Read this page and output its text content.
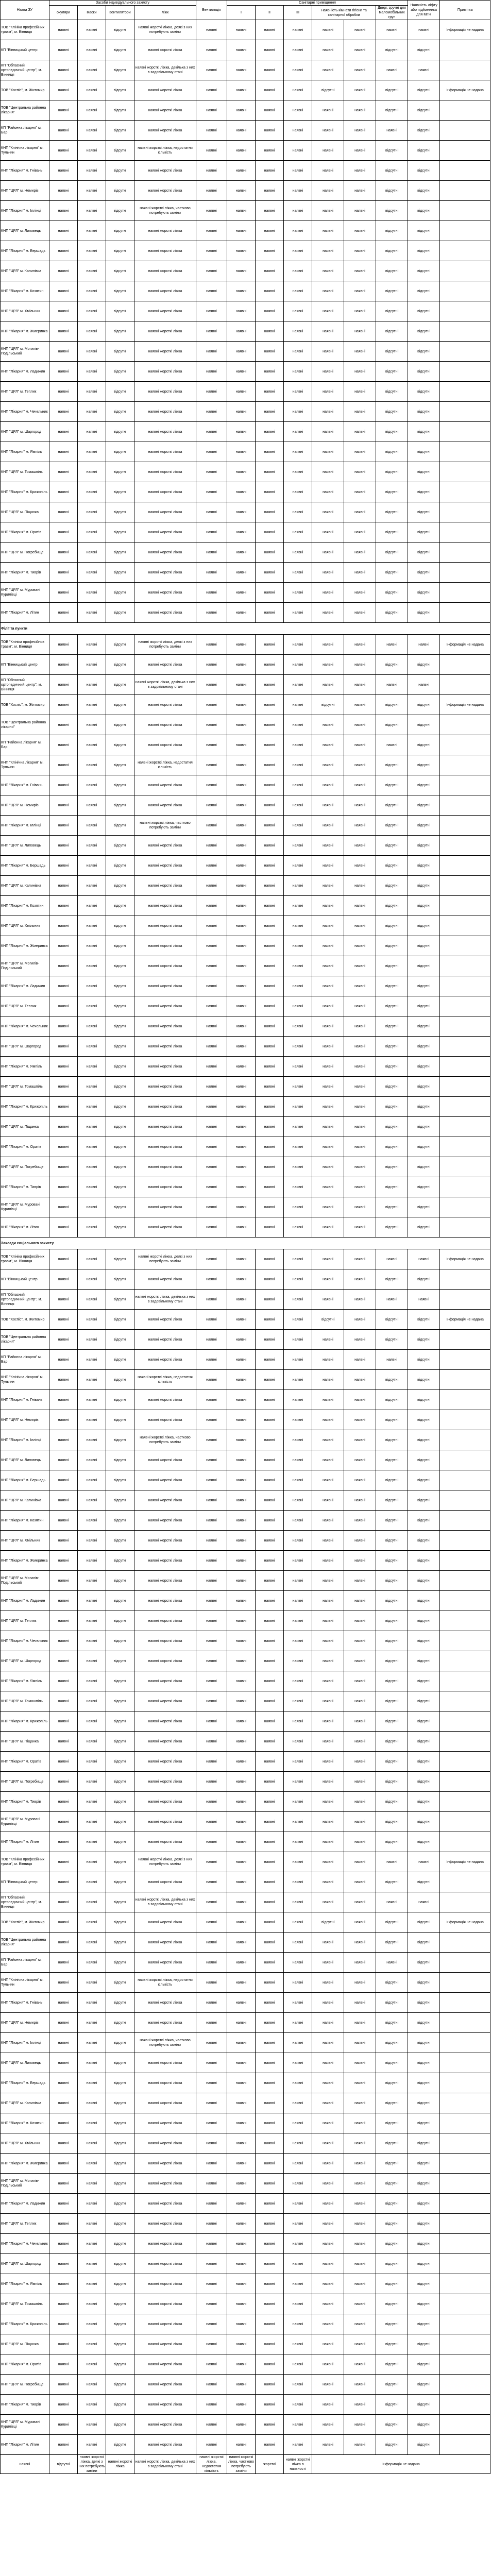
Назва ЗУ	Засоби індивідуального захисту				Вентиляція	Санітарні приміщення						Наявність ліфту або підйомника для МГН	Примітка
	окуляри	маски	вентилятори	ліжк		І	ІІ	ІІІ	Наявність кімнати гігієни та санітарної обробки		Двері, зручні для маломобільних груп		
ТОВ "Клініка професійних травм", м. Вінниця	наявні	наявні	відсутні	наявні жорсткі ліжка, деякі з них потребують заміни	наявні	наявні	наявні	наявні	наявні	наявні	наявні	наявні	Інформація не надана
КП "Вінницький центр	наявні	наявні	відсутні	наявні жорсткі ліжка	наявні	наявні	наявні	наявні	наявні	наявні	відсутні	відсутні	
КП "Обласний ортопедичний центр", м. Вінниця	наявні	наявні	відсутні	наявні жорсткі ліжка, декілька з них в задовільному стані	наявні	наявні	наявні	наявні	наявні	наявні	наявні	наявні	
ТОВ "Хоспіс", м. Житомир	наявні	наявні	відсутні	наявні жорсткі ліжка	наявні	наявні	наявні	наявні	відсутні	наявні	відсутні	відсутні	Інформація не надана
ТОВ "Центральна районна лікарня"	наявні	наявні	відсутні	наявні жорсткі ліжка	наявні	наявні	наявні	наявні	наявні	наявні	відсутні	відсутні	
КП "Районна лікарня" м. Бар	наявні	наявні	відсутні	наявні жорсткі ліжка	наявні	наявні	наявні	наявні	наявні	наявні	наявні	відсутні	
КНП "Клінічна лікарня" м. Тульчин	наявні	наявні	відсутні	наявні жорсткі ліжка, недостатня кількість	наявні	наявні	наявні	наявні	наявні	наявні	відсутні	відсутні	
КНП "Лікарня" м. Гнівань	наявні	наявні	відсутні	наявні жорсткі ліжка	наявні	наявні	наявні	наявні	наявні	наявні	відсутні	відсутні	
КНП "ЦРЛ" м. Немирів	наявні	наявні	відсутні	наявні жорсткі ліжка	наявні	наявні	наявні	наявні	наявні	наявні	відсутні	відсутні	
КНП "Лікарня" м. Іллінці	наявні	наявні	відсутні	наявні жорсткі ліжка, частково потребують заміни	наявні	наявні	наявні	наявні	наявні	наявні	відсутні	відсутні	
КНП "ЦРЛ" м. Липовець	наявні	наявні	відсутні	наявні жорсткі ліжка	наявні	наявні	наявні	наявні	наявні	наявні	відсутні	відсутні	
КНП "Лікарня" м. Бершадь	наявні	наявні	відсутні	наявні жорсткі ліжка	наявні	наявні	наявні	наявні	наявні	наявні	відсутні	відсутні	
КНП "ЦРЛ" м. Калинівка	наявні	наявні	відсутні	наявні жорсткі ліжка	наявні	наявні	наявні	наявні	наявні	наявні	відсутні	відсутні	
КНП "Лікарня" м. Козятин	наявні	наявні	відсутні	наявні жорсткі ліжка	наявні	наявні	наявні	наявні	наявні	наявні	відсутні	відсутні	
КНП "ЦРЛ" м. Хмільник	наявні	наявні	відсутні	наявні жорсткі ліжка	наявні	наявні	наявні	наявні	наявні	наявні	відсутні	відсутні	
КНП "Лікарня" м. Жмеринка	наявні	наявні	відсутні	наявні жорсткі ліжка	наявні	наявні	наявні	наявні	наявні	наявні	відсутні	відсутні	
КНП "ЦРЛ" м. Могилів-Подільський	наявні	наявні	відсутні	наявні жорсткі ліжка	наявні	наявні	наявні	наявні	наявні	наявні	відсутні	відсутні	
КНП "Лікарня" м. Ладижин	наявні	наявні	відсутні	наявні жорсткі ліжка	наявні	наявні	наявні	наявні	наявні	наявні	відсутні	відсутні	
КНП "ЦРЛ" м. Теплик	наявні	наявні	відсутні	наявні жорсткі ліжка	наявні	наявні	наявні	наявні	наявні	наявні	відсутні	відсутні	
КНП "Лікарня" м. Чечельник	наявні	наявні	відсутні	наявні жорсткі ліжка	наявні	наявні	наявні	наявні	наявні	наявні	відсутні	відсутні	
КНП "ЦРЛ" м. Шаргород	наявні	наявні	відсутні	наявні жорсткі ліжка	наявні	наявні	наявні	наявні	наявні	наявні	відсутні	відсутні	
КНП "Лікарня" м. Ямпіль	наявні	наявні	відсутні	наявні жорсткі ліжка	наявні	наявні	наявні	наявні	наявні	наявні	відсутні	відсутні	
КНП "ЦРЛ" м. Томашпіль	наявні	наявні	відсутні	наявні жорсткі ліжка	наявні	наявні	наявні	наявні	наявні	наявні	відсутні	відсутні	
КНП "Лікарня" м. Крижопіль	наявні	наявні	відсутні	наявні жорсткі ліжка	наявні	наявні	наявні	наявні	наявні	наявні	відсутні	відсутні	
КНП "ЦРЛ" м. Піщанка	наявні	наявні	відсутні	наявні жорсткі ліжка	наявні	наявні	наявні	наявні	наявні	наявні	відсутні	відсутні	
КНП "Лікарня" м. Оратів	наявні	наявні	відсутні	наявні жорсткі ліжка	наявні	наявні	наявні	наявні	наявні	наявні	відсутні	відсутні	
КНП "ЦРЛ" м. Погребище	наявні	наявні	відсутні	наявні жорсткі ліжка	наявні	наявні	наявні	наявні	наявні	наявні	відсутні	відсутні	
КНП "Лікарня" м. Тиврів	наявні	наявні	відсутні	наявні жорсткі ліжка	наявні	наявні	наявні	наявні	наявні	наявні	відсутні	відсутні	
КНП "ЦРЛ" м. Мурованi Курилівці	наявні	наявні	відсутні	наявні жорсткі ліжка	наявні	наявні	наявні	наявні	наявні	наявні	відсутні	відсутні	
КНП "Лікарня" м. Літин	наявні	наявні	відсутні	наявні жорсткі ліжка	наявні	наявні	наявні	наявні	наявні	наявні	відсутні	відсутні	
Філії та пункти													
ТОВ "Клініка професійних травм", м. Вінниця	наявні	наявні	відсутні	наявні жорсткі ліжка, деякі з них потребують заміни	наявні	наявні	наявні	наявні	наявні	наявні	наявні	наявні	Інформація не надана
КП "Вінницький центр	наявні	наявні	відсутні	наявні жорсткі ліжка	наявні	наявні	наявні	наявні	наявні	наявні	відсутні	відсутні	
КП "Обласний ортопедичний центр", м. Вінниця	наявні	наявні	відсутні	наявні жорсткі ліжка, декілька з них в задовільному стані	наявні	наявні	наявні	наявні	наявні	наявні	наявні	наявні	
ТОВ "Хоспіс", м. Житомир	наявні	наявні	відсутні	наявні жорсткі ліжка	наявні	наявні	наявні	наявні	відсутні	наявні	відсутні	відсутні	Інформація не надана
ТОВ "Центральна районна лікарня"	наявні	наявні	відсутні	наявні жорсткі ліжка	наявні	наявні	наявні	наявні	наявні	наявні	відсутні	відсутні	
КП "Районна лікарня" м. Бар	наявні	наявні	відсутні	наявні жорсткі ліжка	наявні	наявні	наявні	наявні	наявні	наявні	наявні	відсутні	
КНП "Клінічна лікарня" м. Тульчин	наявні	наявні	відсутні	наявні жорсткі ліжка, недостатня кількість	наявні	наявні	наявні	наявні	наявні	наявні	відсутні	відсутні	
КНП "Лікарня" м. Гнівань	наявні	наявні	відсутні	наявні жорсткі ліжка	наявні	наявні	наявні	наявні	наявні	наявні	відсутні	відсутні	
КНП "ЦРЛ" м. Немирів	наявні	наявні	відсутні	наявні жорсткі ліжка	наявні	наявні	наявні	наявні	наявні	наявні	відсутні	відсутні	
КНП "Лікарня" м. Іллінці	наявні	наявні	відсутні	наявні жорсткі ліжка, частково потребують заміни	наявні	наявні	наявні	наявні	наявні	наявні	відсутні	відсутні	
КНП "ЦРЛ" м. Липовець	наявні	наявні	відсутні	наявні жорсткі ліжка	наявні	наявні	наявні	наявні	наявні	наявні	відсутні	відсутні	
КНП "Лікарня" м. Бершадь	наявні	наявні	відсутні	наявні жорсткі ліжка	наявні	наявні	наявні	наявні	наявні	наявні	відсутні	відсутні	
КНП "ЦРЛ" м. Калинівка	наявні	наявні	відсутні	наявні жорсткі ліжка	наявні	наявні	наявні	наявні	наявні	наявні	відсутні	відсутні	
КНП "Лікарня" м. Козятин	наявні	наявні	відсутні	наявні жорсткі ліжка	наявні	наявні	наявні	наявні	наявні	наявні	відсутні	відсутні	
КНП "ЦРЛ" м. Хмільник	наявні	наявні	відсутні	наявні жорсткі ліжка	наявні	наявні	наявні	наявні	наявні	наявні	відсутні	відсутні	
КНП "Лікарня" м. Жмеринка	наявні	наявні	відсутні	наявні жорсткі ліжка	наявні	наявні	наявні	наявні	наявні	наявні	відсутні	відсутні	
КНП "ЦРЛ" м. Могилів-Подільський	наявні	наявні	відсутні	наявні жорсткі ліжка	наявні	наявні	наявні	наявні	наявні	наявні	відсутні	відсутні	
КНП "Лікарня" м. Ладижин	наявні	наявні	відсутні	наявні жорсткі ліжка	наявні	наявні	наявні	наявні	наявні	наявні	відсутні	відсутні	
КНП "ЦРЛ" м. Теплик	наявні	наявні	відсутні	наявні жорсткі ліжка	наявні	наявні	наявні	наявні	наявні	наявні	відсутні	відсутні	
КНП "Лікарня" м. Чечельник	наявні	наявні	відсутні	наявні жорсткі ліжка	наявні	наявні	наявні	наявні	наявні	наявні	відсутні	відсутні	
КНП "ЦРЛ" м. Шаргород	наявні	наявні	відсутні	наявні жорсткі ліжка	наявні	наявні	наявні	наявні	наявні	наявні	відсутні	відсутні	
КНП "Лікарня" м. Ямпіль	наявні	наявні	відсутні	наявні жорсткі ліжка	наявні	наявні	наявні	наявні	наявні	наявні	відсутні	відсутні	
КНП "ЦРЛ" м. Томашпіль	наявні	наявні	відсутні	наявні жорсткі ліжка	наявні	наявні	наявні	наявні	наявні	наявні	відсутні	відсутні	
КНП "Лікарня" м. Крижопіль	наявні	наявні	відсутні	наявні жорсткі ліжка	наявні	наявні	наявні	наявні	наявні	наявні	відсутні	відсутні	
КНП "ЦРЛ" м. Піщанка	наявні	наявні	відсутні	наявні жорсткі ліжка	наявні	наявні	наявні	наявні	наявні	наявні	відсутні	відсутні	
КНП "Лікарня" м. Оратів	наявні	наявні	відсутні	наявні жорсткі ліжка	наявні	наявні	наявні	наявні	наявні	наявні	відсутні	відсутні	
КНП "ЦРЛ" м. Погребище	наявні	наявні	відсутні	наявні жорсткі ліжка	наявні	наявні	наявні	наявні	наявні	наявні	відсутні	відсутні	
КНП "Лікарня" м. Тиврів	наявні	наявні	відсутні	наявні жорсткі ліжка	наявні	наявні	наявні	наявні	наявні	наявні	відсутні	відсутні	
КНП "ЦРЛ" м. Мурованi Курилівці	наявні	наявні	відсутні	наявні жорсткі ліжка	наявні	наявні	наявні	наявні	наявні	наявні	відсутні	відсутні	
КНП "Лікарня" м. Літин	наявні	наявні	відсутні	наявні жорсткі ліжка	наявні	наявні	наявні	наявні	наявні	наявні	відсутні	відсутні	
Заклади соціального захисту													
ТОВ "Клініка професійних травм", м. Вінниця	наявні	наявні	відсутні	наявні жорсткі ліжка, деякі з них потребують заміни	наявні	наявні	наявні	наявні	наявні	наявні	наявні	наявні	Інформація не надана
КП "Вінницький центр	наявні	наявні	відсутні	наявні жорсткі ліжка	наявні	наявні	наявні	наявні	наявні	наявні	відсутні	відсутні	
КП "Обласний ортопедичний центр", м. Вінниця	наявні	наявні	відсутні	наявні жорсткі ліжка, декілька з них в задовільному стані	наявні	наявні	наявні	наявні	наявні	наявні	наявні	наявні	
ТОВ "Хоспіс", м. Житомир	наявні	наявні	відсутні	наявні жорсткі ліжка	наявні	наявні	наявні	наявні	відсутні	наявні	відсутні	відсутні	Інформація не надана
ТОВ "Центральна районна лікарня"	наявні	наявні	відсутні	наявні жорсткі ліжка	наявні	наявні	наявні	наявні	наявні	наявні	відсутні	відсутні	
КП "Районна лікарня" м. Бар	наявні	наявні	відсутні	наявні жорсткі ліжка	наявні	наявні	наявні	наявні	наявні	наявні	наявні	відсутні	
КНП "Клінічна лікарня" м. Тульчин	наявні	наявні	відсутні	наявні жорсткі ліжка, недостатня кількість	наявні	наявні	наявні	наявні	наявні	наявні	відсутні	відсутні	
КНП "Лікарня" м. Гнівань	наявні	наявні	відсутні	наявні жорсткі ліжка	наявні	наявні	наявні	наявні	наявні	наявні	відсутні	відсутні	
КНП "ЦРЛ" м. Немирів	наявні	наявні	відсутні	наявні жорсткі ліжка	наявні	наявні	наявні	наявні	наявні	наявні	відсутні	відсутні	
КНП "Лікарня" м. Іллінці	наявні	наявні	відсутні	наявні жорсткі ліжка, частково потребують заміни	наявні	наявні	наявні	наявні	наявні	наявні	відсутні	відсутні	
КНП "ЦРЛ" м. Липовець	наявні	наявні	відсутні	наявні жорсткі ліжка	наявні	наявні	наявні	наявні	наявні	наявні	відсутні	відсутні	
КНП "Лікарня" м. Бершадь	наявні	наявні	відсутні	наявні жорсткі ліжка	наявні	наявні	наявні	наявні	наявні	наявні	відсутні	відсутні	
КНП "ЦРЛ" м. Калинівка	наявні	наявні	відсутні	наявні жорсткі ліжка	наявні	наявні	наявні	наявні	наявні	наявні	відсутні	відсутні	
КНП "Лікарня" м. Козятин	наявні	наявні	відсутні	наявні жорсткі ліжка	наявні	наявні	наявні	наявні	наявні	наявні	відсутні	відсутні	
КНП "ЦРЛ" м. Хмільник	наявні	наявні	відсутні	наявні жорсткі ліжка	наявні	наявні	наявні	наявні	наявні	наявні	відсутні	відсутні	
КНП "Лікарня" м. Жмеринка	наявні	наявні	відсутні	наявні жорсткі ліжка	наявні	наявні	наявні	наявні	наявні	наявні	відсутні	відсутні	
КНП "ЦРЛ" м. Могилів-Подільський	наявні	наявні	відсутні	наявні жорсткі ліжка	наявні	наявні	наявні	наявні	наявні	наявні	відсутні	відсутні	
КНП "Лікарня" м. Ладижин	наявні	наявні	відсутні	наявні жорсткі ліжка	наявні	наявні	наявні	наявні	наявні	наявні	відсутні	відсутні	
КНП "ЦРЛ" м. Теплик	наявні	наявні	відсутні	наявні жорсткі ліжка	наявні	наявні	наявні	наявні	наявні	наявні	відсутні	відсутні	
КНП "Лікарня" м. Чечельник	наявні	наявні	відсутні	наявні жорсткі ліжка	наявні	наявні	наявні	наявні	наявні	наявні	відсутні	відсутні	
КНП "ЦРЛ" м. Шаргород	наявні	наявні	відсутні	наявні жорсткі ліжка	наявні	наявні	наявні	наявні	наявні	наявні	відсутні	відсутні	
КНП "Лікарня" м. Ямпіль	наявні	наявні	відсутні	наявні жорсткі ліжка	наявні	наявні	наявні	наявні	наявні	наявні	відсутні	відсутні	
КНП "ЦРЛ" м. Томашпіль	наявні	наявні	відсутні	наявні жорсткі ліжка	наявні	наявні	наявні	наявні	наявні	наявні	відсутні	відсутні	
КНП "Лікарня" м. Крижопіль	наявні	наявні	відсутні	наявні жорсткі ліжка	наявні	наявні	наявні	наявні	наявні	наявні	відсутні	відсутні	
КНП "ЦРЛ" м. Піщанка	наявні	наявні	відсутні	наявні жорсткі ліжка	наявні	наявні	наявні	наявні	наявні	наявні	відсутні	відсутні	
КНП "Лікарня" м. Оратів	наявні	наявні	відсутні	наявні жорсткі ліжка	наявні	наявні	наявні	наявні	наявні	наявні	відсутні	відсутні	
КНП "ЦРЛ" м. Погребище	наявні	наявні	відсутні	наявні жорсткі ліжка	наявні	наявні	наявні	наявні	наявні	наявні	відсутні	відсутні	
КНП "Лікарня" м. Тиврів	наявні	наявні	відсутні	наявні жорсткі ліжка	наявні	наявні	наявні	наявні	наявні	наявні	відсутні	відсутні	
КНП "ЦРЛ" м. Мурованi Курилівці	наявні	наявні	відсутні	наявні жорсткі ліжка	наявні	наявні	наявні	наявні	наявні	наявні	відсутні	відсутні	
КНП "Лікарня" м. Літин	наявні	наявні	відсутні	наявні жорсткі ліжка	наявні	наявні	наявні	наявні	наявні	наявні	відсутні	відсутні	
ТОВ "Клініка професійних травм", м. Вінниця	наявні	наявні	відсутні	наявні жорсткі ліжка, деякі з них потребують заміни	наявні	наявні	наявні	наявні	наявні	наявні	наявні	наявні	Інформація не надана
КП "Вінницький центр	наявні	наявні	відсутні	наявні жорсткі ліжка	наявні	наявні	наявні	наявні	наявні	наявні	відсутні	відсутні	
КП "Обласний ортопедичний центр", м. Вінниця	наявні	наявні	відсутні	наявні жорсткі ліжка, декілька з них в задовільному стані	наявні	наявні	наявні	наявні	наявні	наявні	наявні	наявні	
ТОВ "Хоспіс", м. Житомир	наявні	наявні	відсутні	наявні жорсткі ліжка	наявні	наявні	наявні	наявні	відсутні	наявні	відсутні	відсутні	Інформація не надана
ТОВ "Центральна районна лікарня"	наявні	наявні	відсутні	наявні жорсткі ліжка	наявні	наявні	наявні	наявні	наявні	наявні	відсутні	відсутні	
КП "Районна лікарня" м. Бар	наявні	наявні	відсутні	наявні жорсткі ліжка	наявні	наявні	наявні	наявні	наявні	наявні	наявні	відсутні	
КНП "Клінічна лікарня" м. Тульчин	наявні	наявні	відсутні	наявні жорсткі ліжка, недостатня кількість	наявні	наявні	наявні	наявні	наявні	наявні	відсутні	відсутні	
КНП "Лікарня" м. Гнівань	наявні	наявні	відсутні	наявні жорсткі ліжка	наявні	наявні	наявні	наявні	наявні	наявні	відсутні	відсутні	
КНП "ЦРЛ" м. Немирів	наявні	наявні	відсутні	наявні жорсткі ліжка	наявні	наявні	наявні	наявні	наявні	наявні	відсутні	відсутні	
КНП "Лікарня" м. Іллінці	наявні	наявні	відсутні	наявні жорсткі ліжка, частково потребують заміни	наявні	наявні	наявні	наявні	наявні	наявні	відсутні	відсутні	
КНП "ЦРЛ" м. Липовець	наявні	наявні	відсутні	наявні жорсткі ліжка	наявні	наявні	наявні	наявні	наявні	наявні	відсутні	відсутні	
КНП "Лікарня" м. Бершадь	наявні	наявні	відсутні	наявні жорсткі ліжка	наявні	наявні	наявні	наявні	наявні	наявні	відсутні	відсутні	
КНП "ЦРЛ" м. Калинівка	наявні	наявні	відсутні	наявні жорсткі ліжка	наявні	наявні	наявні	наявні	наявні	наявні	відсутні	відсутні	
КНП "Лікарня" м. Козятин	наявні	наявні	відсутні	наявні жорсткі ліжка	наявні	наявні	наявні	наявні	наявні	наявні	відсутні	відсутні	
КНП "ЦРЛ" м. Хмільник	наявні	наявні	відсутні	наявні жорсткі ліжка	наявні	наявні	наявні	наявні	наявні	наявні	відсутні	відсутні	
КНП "Лікарня" м. Жмеринка	наявні	наявні	відсутні	наявні жорсткі ліжка	наявні	наявні	наявні	наявні	наявні	наявні	відсутні	відсутні	
КНП "ЦРЛ" м. Могилів-Подільський	наявні	наявні	відсутні	наявні жорсткі ліжка	наявні	наявні	наявні	наявні	наявні	наявні	відсутні	відсутні	
КНП "Лікарня" м. Ладижин	наявні	наявні	відсутні	наявні жорсткі ліжка	наявні	наявні	наявні	наявні	наявні	наявні	відсутні	відсутні	
КНП "ЦРЛ" м. Теплик	наявні	наявні	відсутні	наявні жорсткі ліжка	наявні	наявні	наявні	наявні	наявні	наявні	відсутні	відсутні	
КНП "Лікарня" м. Чечельник	наявні	наявні	відсутні	наявні жорсткі ліжка	наявні	наявні	наявні	наявні	наявні	наявні	відсутні	відсутні	
КНП "ЦРЛ" м. Шаргород	наявні	наявні	відсутні	наявні жорсткі ліжка	наявні	наявні	наявні	наявні	наявні	наявні	відсутні	відсутні	
КНП "Лікарня" м. Ямпіль	наявні	наявні	відсутні	наявні жорсткі ліжка	наявні	наявні	наявні	наявні	наявні	наявні	відсутні	відсутні	
КНП "ЦРЛ" м. Томашпіль	наявні	наявні	відсутні	наявні жорсткі ліжка	наявні	наявні	наявні	наявні	наявні	наявні	відсутні	відсутні	
КНП "Лікарня" м. Крижопіль	наявні	наявні	відсутні	наявні жорсткі ліжка	наявні	наявні	наявні	наявні	наявні	наявні	відсутні	відсутні	
КНП "ЦРЛ" м. Піщанка	наявні	наявні	відсутні	наявні жорсткі ліжка	наявні	наявні	наявні	наявні	наявні	наявні	відсутні	відсутні	
КНП "Лікарня" м. Оратів	наявні	наявні	відсутні	наявні жорсткі ліжка	наявні	наявні	наявні	наявні	наявні	наявні	відсутні	відсутні	
КНП "ЦРЛ" м. Погребище	наявні	наявні	відсутні	наявні жорсткі ліжка	наявні	наявні	наявні	наявні	наявні	наявні	відсутні	відсутні	
КНП "Лікарня" м. Тиврів	наявні	наявні	відсутні	наявні жорсткі ліжка	наявні	наявні	наявні	наявні	наявні	наявні	відсутні	відсутні	
КНП "ЦРЛ" м. Мурованi Курилівці	наявні	наявні	відсутні	наявні жорсткі ліжка	наявні	наявні	наявні	наявні	наявні	наявні	відсутні	відсутні	
КНП "Лікарня" м. Літин	наявні	наявні	відсутні	наявні жорсткі ліжка	наявні	наявні	наявні	наявні	наявні	наявні	відсутні	відсутні	
наявні	відсутні	наявні жорсткі ліжка, деякі з них потребують заміни	наявні жорсткі ліжка	наявні жорсткі ліжка, декілька з них в задовільному стані	наявні жорсткі ліжка, недостатня кількість	наявні жорсткі ліжка, частково потребують заміни	жорсткі	наявні жорсткі ліжка в наявності	Інформація не надана				
